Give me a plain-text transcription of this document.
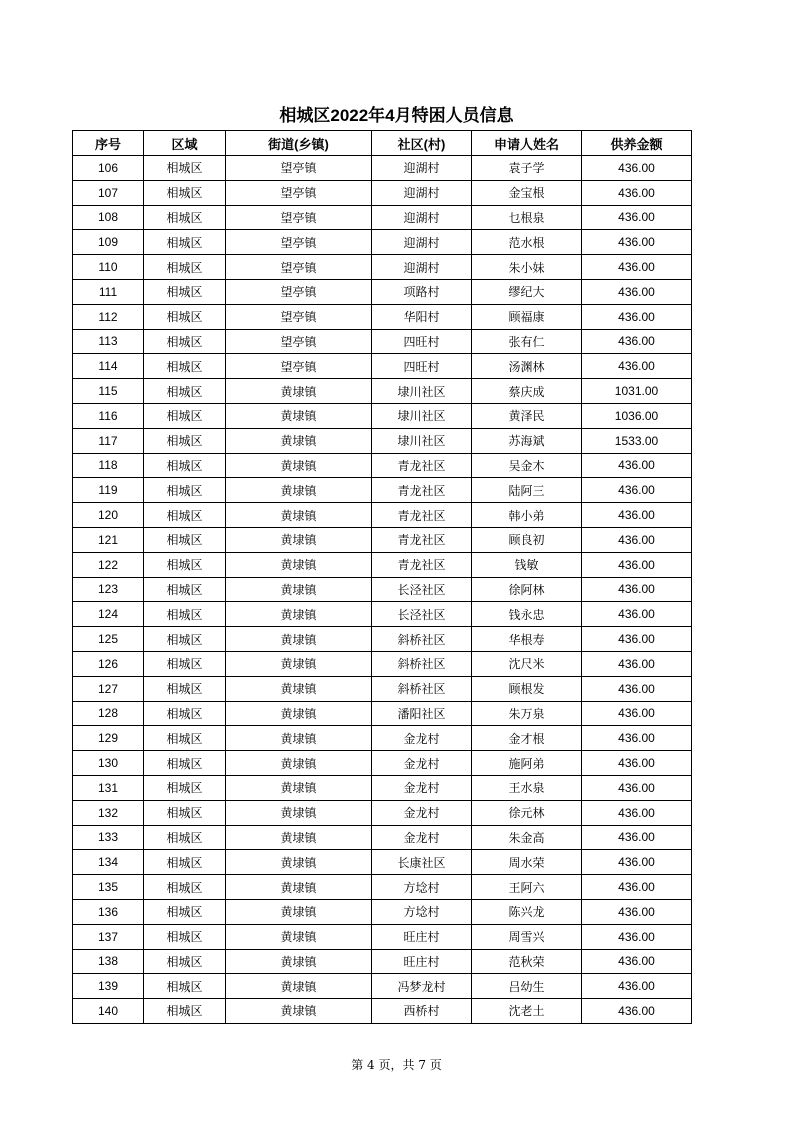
相城区2022年4月特困人员信息
序号	区域	街道(乡镇)	社区(村)	申请人姓名	供养金额
106	相城区	望亭镇	迎湖村	袁子学	436.00
107	相城区	望亭镇	迎湖村	金宝根	436.00
108	相城区	望亭镇	迎湖村	乜根泉	436.00
109	相城区	望亭镇	迎湖村	范水根	436.00
110	相城区	望亭镇	迎湖村	朱小妹	436.00
111	相城区	望亭镇	项路村	缪纪大	436.00
112	相城区	望亭镇	华阳村	顾福康	436.00
113	相城区	望亭镇	四旺村	张有仁	436.00
114	相城区	望亭镇	四旺村	汤渊林	436.00
115	相城区	黄埭镇	埭川社区	蔡庆成	1031.00
116	相城区	黄埭镇	埭川社区	黄泽民	1036.00
117	相城区	黄埭镇	埭川社区	苏海斌	1533.00
118	相城区	黄埭镇	青龙社区	吴金木	436.00
119	相城区	黄埭镇	青龙社区	陆阿三	436.00
120	相城区	黄埭镇	青龙社区	韩小弟	436.00
121	相城区	黄埭镇	青龙社区	顾良初	436.00
122	相城区	黄埭镇	青龙社区	钱敏	436.00
123	相城区	黄埭镇	长泾社区	徐阿林	436.00
124	相城区	黄埭镇	长泾社区	钱永忠	436.00
125	相城区	黄埭镇	斜桥社区	华根寿	436.00
126	相城区	黄埭镇	斜桥社区	沈尺米	436.00
127	相城区	黄埭镇	斜桥社区	顾根发	436.00
128	相城区	黄埭镇	潘阳社区	朱万泉	436.00
129	相城区	黄埭镇	金龙村	金才根	436.00
130	相城区	黄埭镇	金龙村	施阿弟	436.00
131	相城区	黄埭镇	金龙村	王水泉	436.00
132	相城区	黄埭镇	金龙村	徐元林	436.00
133	相城区	黄埭镇	金龙村	朱金高	436.00
134	相城区	黄埭镇	长康社区	周水荣	436.00
135	相城区	黄埭镇	方埝村	王阿六	436.00
136	相城区	黄埭镇	方埝村	陈兴龙	436.00
137	相城区	黄埭镇	旺庄村	周雪兴	436.00
138	相城区	黄埭镇	旺庄村	范秋荣	436.00
139	相城区	黄埭镇	冯梦龙村	吕幼生	436.00
140	相城区	黄埭镇	西桥村	沈老土	436.00
第 4 页，共 7 页
